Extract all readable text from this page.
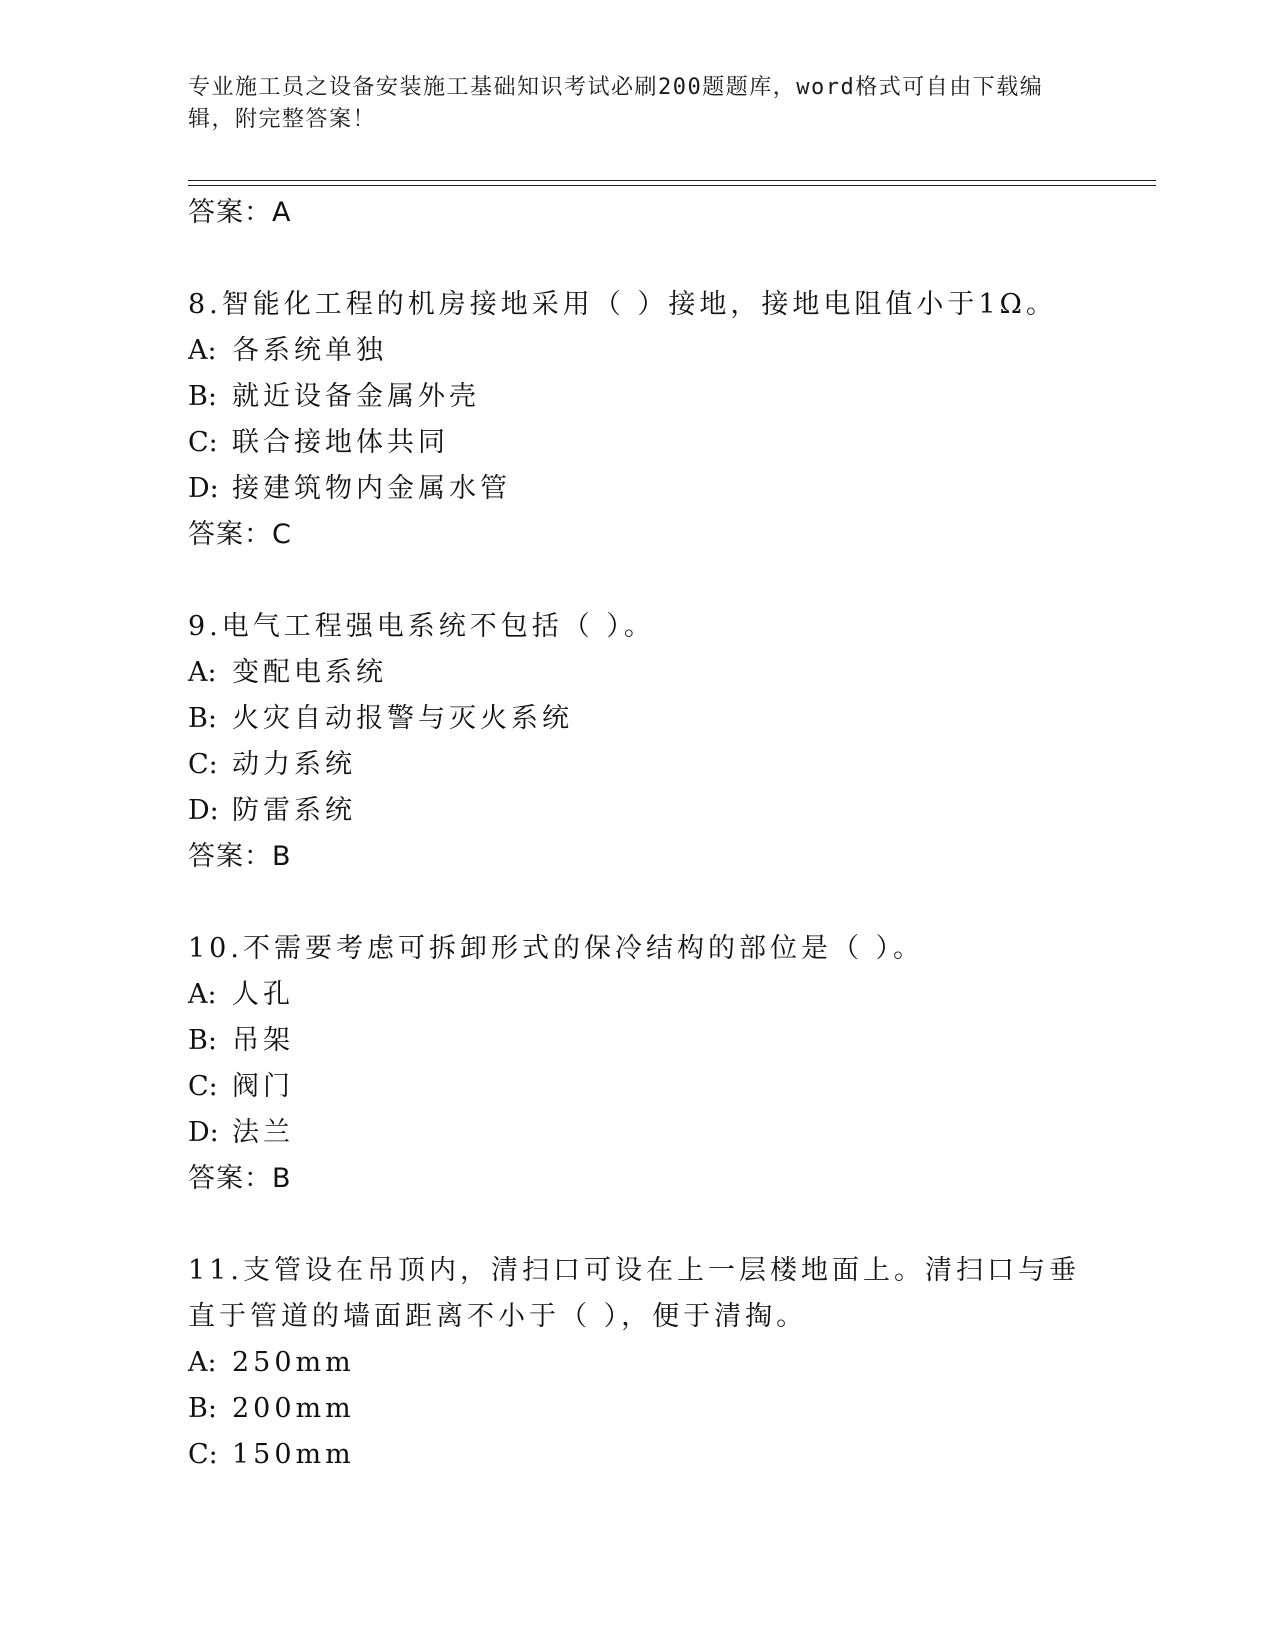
专业施工员之设备安装施工基础知识考试必刷200题题库，word格式可自由下载编辑，附完整答案！
答案：A
8.智能化工程的机房接地采用（ ）接地，接地电阻值小于1Ω。
A: 各系统单独
B: 就近设备金属外壳
C: 联合接地体共同
D: 接建筑物内金属水管
答案：C
9.电气工程强电系统不包括（ ）。
A: 变配电系统
B: 火灾自动报警与灭火系统
C: 动力系统
D: 防雷系统
答案：B
10.不需要考虑可拆卸形式的保冷结构的部位是（ ）。
A: 人孔
B: 吊架
C: 阀门
D: 法兰
答案：B
11.支管设在吊顶内，清扫口可设在上一层楼地面上。清扫口与垂直于管道的墙面距离不小于（ ），便于清掏。
A: 250mm
B: 200mm
C: 150mm
